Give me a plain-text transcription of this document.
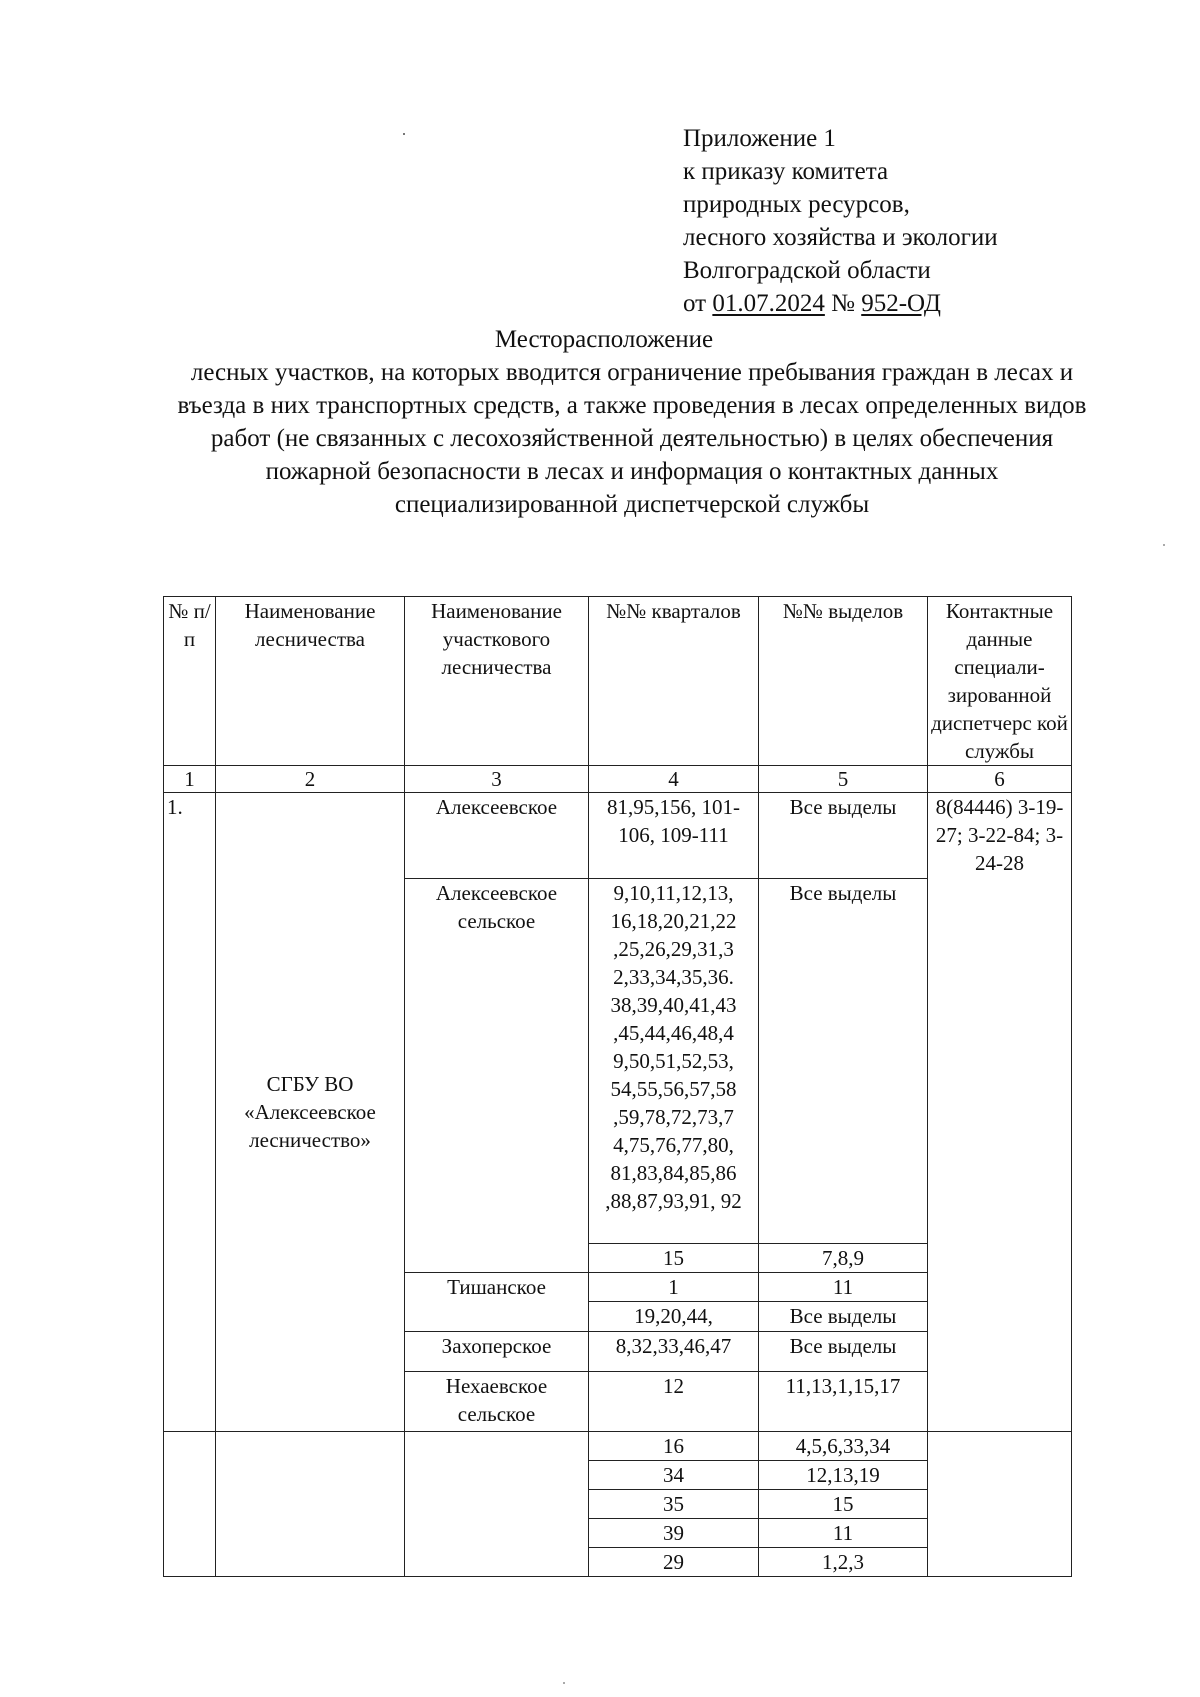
Приложение 1
к приказу комитета
природных ресурсов,
лесного хозяйства и экологии
Волгоградской области
от 01.07.2024 № 952-ОД
Месторасположение
лесных участков, на которых вводится ограничение пребывания граждан в лесах и въезда в них транспортных средств, а также проведения в лесах определенных видов работ (не связанных с лесохозяйственной деятельностью) в целях обеспечения пожарной безопасности в лесах и информация о контактных данных специализированной диспетчерской службы
№ п/п	Наименование лесничества	Наименование участкового лесничества	№№ кварталов	№№ выделов	Контактные данные специали-зированной диспетчерс кой службы
1	2	3	4	5	6
1.	СГБУ ВО «Алексеевское лесничество»	Алексеевское	81,95,156, 101-106, 109-111	Все выделы	8(84446) 3-19-27; 3-22-84; 3-24-28
		Алексеевское сельское	9,10,11,12,13, 16,18,20,21,22 ,25,26,29,31,3 2,33,34,35,36. 38,39,40,41,43 ,45,44,46,48,4 9,50,51,52,53, 54,55,56,57,58 ,59,78,72,73,7 4,75,76,77,80, 81,83,84,85,86 ,88,87,93,91, 92	Все выделы	
			15	7,8,9	
		Тишанское	1	11	
			19,20,44,	Все выделы	
		Захоперское	8,32,33,46,47	Все выделы	
		Нехаевское сельское	12	11,13,1,15,17	
			16	4,5,6,33,34	
			34	12,13,19	
			35	15	
			39	11	
			29	1,2,3	
